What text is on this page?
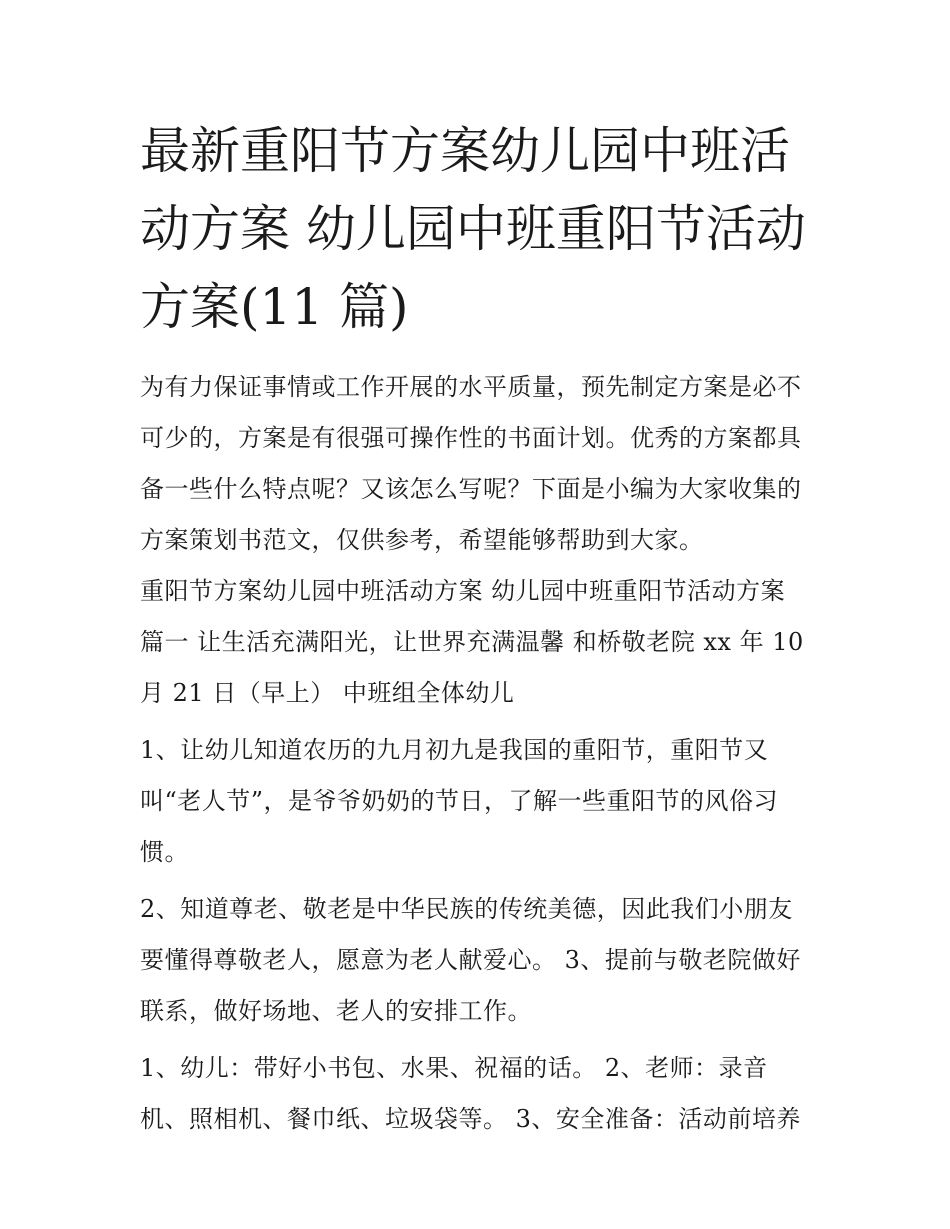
最新重阳节方案幼儿园中班活
动方案 幼儿园中班重阳节活动
方案(11 篇)

为有力保证事情或工作开展的水平质量，预先制定方案是必不
可少的，方案是有很强可操作性的书面计划。优秀的方案都具
备一些什么特点呢？又该怎么写呢？下面是小编为大家收集的
方案策划书范文，仅供参考，希望能够帮助到大家。

重阳节方案幼儿园中班活动方案 幼儿园中班重阳节活动方案
篇一 让生活充满阳光，让世界充满温馨 和桥敬老院 xx 年 10
月 21 日（早上） 中班组全体幼儿

1、让幼儿知道农历的九月初九是我国的重阳节，重阳节又
叫“老人节”，是爷爷奶奶的节日，了解一些重阳节的风俗习
惯。

2、知道尊老、敬老是中华民族的传统美德，因此我们小朋友
要懂得尊敬老人，愿意为老人献爱心。 3、提前与敬老院做好
联系，做好场地、老人的安排工作。

1、幼儿：带好小书包、水果、祝福的话。 2、老师：录音
机、照相机、餐巾纸、垃圾袋等。 3、安全准备：活动前培养
